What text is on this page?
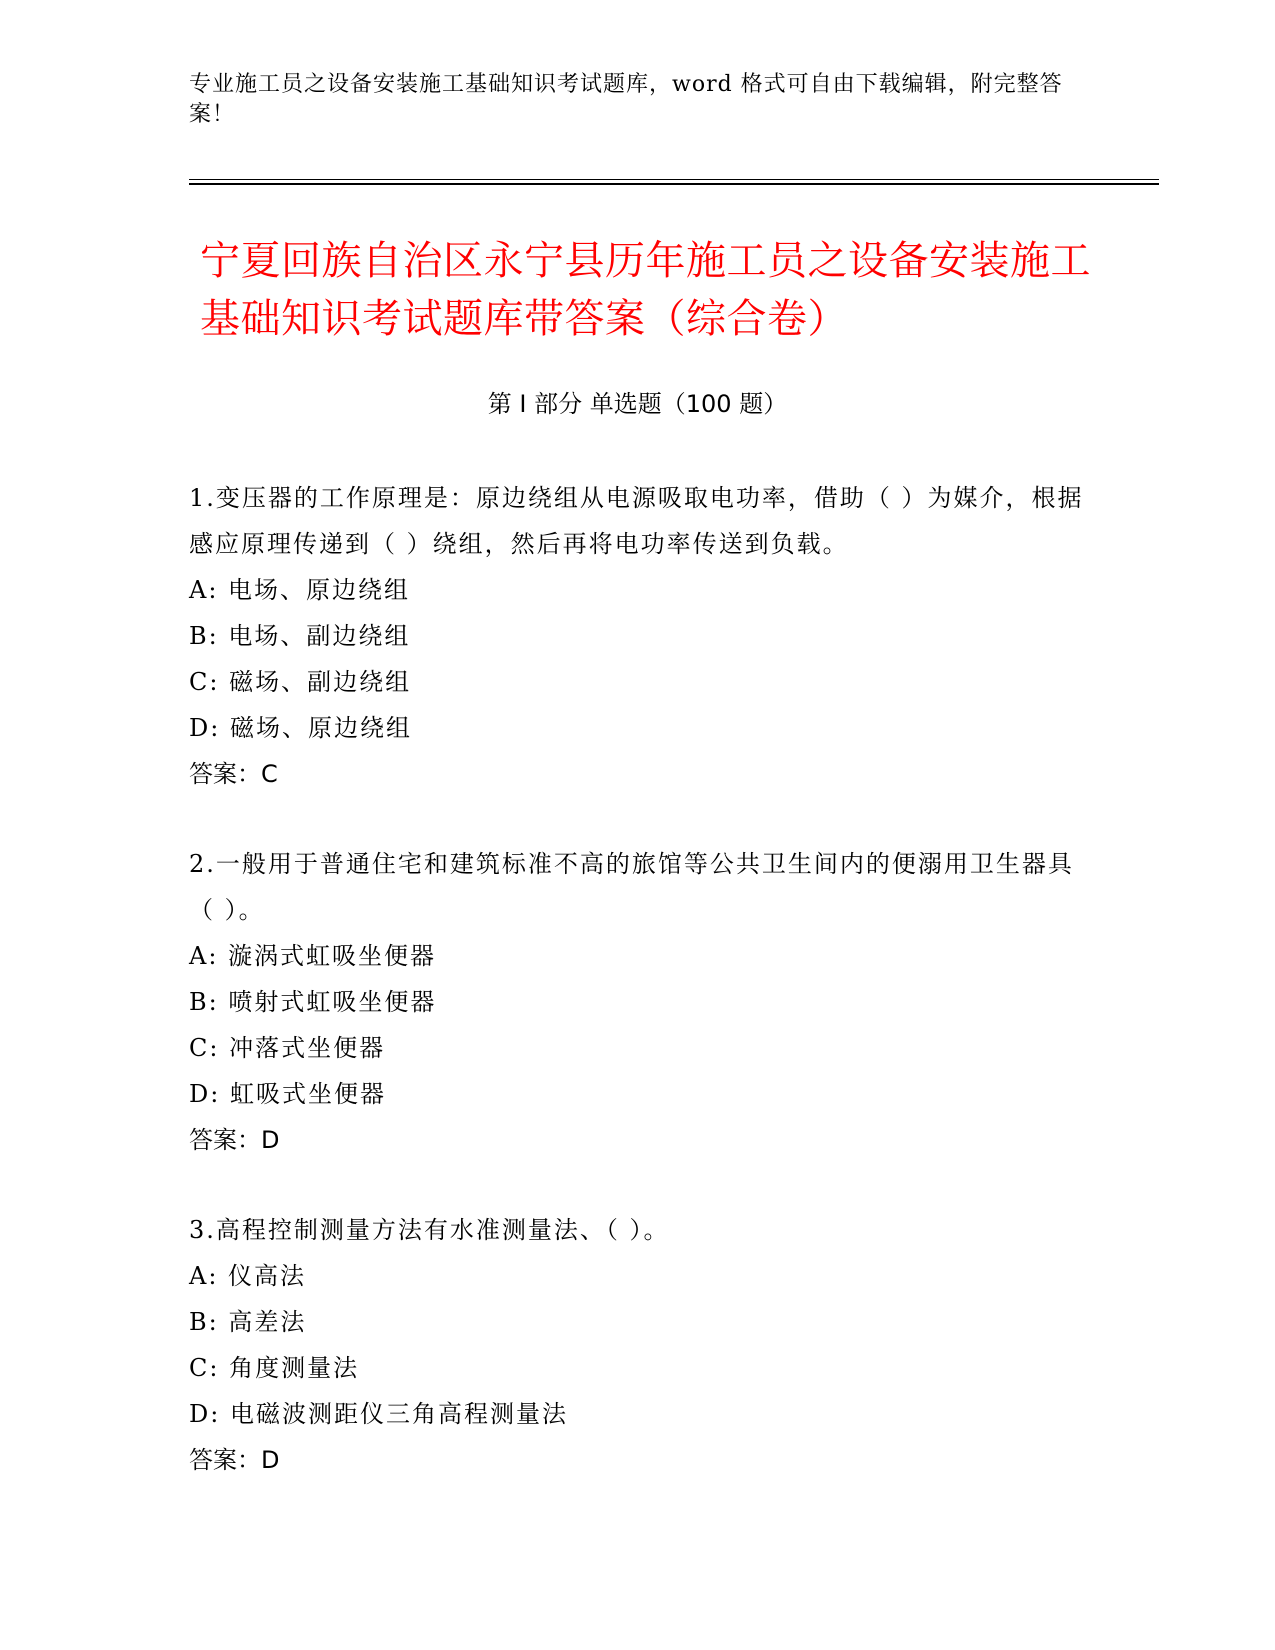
专业施工员之设备安装施工基础知识考试题库，word 格式可自由下载编辑，附完整答案！
宁夏回族自治区永宁县历年施工员之设备安装施工基础知识考试题库带答案（综合卷）
第 I 部分 单选题（100 题）
1.变压器的工作原理是：原边绕组从电源吸取电功率，借助（ ）为媒介，根据感应原理传递到（ ）绕组，然后再将电功率传送到负载。
A: 电场、原边绕组
B: 电场、副边绕组
C: 磁场、副边绕组
D: 磁场、原边绕组
答案：C
2.一般用于普通住宅和建筑标准不高的旅馆等公共卫生间内的便溺用卫生器具（ ）。
A: 漩涡式虹吸坐便器
B: 喷射式虹吸坐便器
C: 冲落式坐便器
D: 虹吸式坐便器
答案：D
3.高程控制测量方法有水准测量法、（ ）。
A: 仪高法
B: 高差法
C: 角度测量法
D: 电磁波测距仪三角高程测量法
答案：D
